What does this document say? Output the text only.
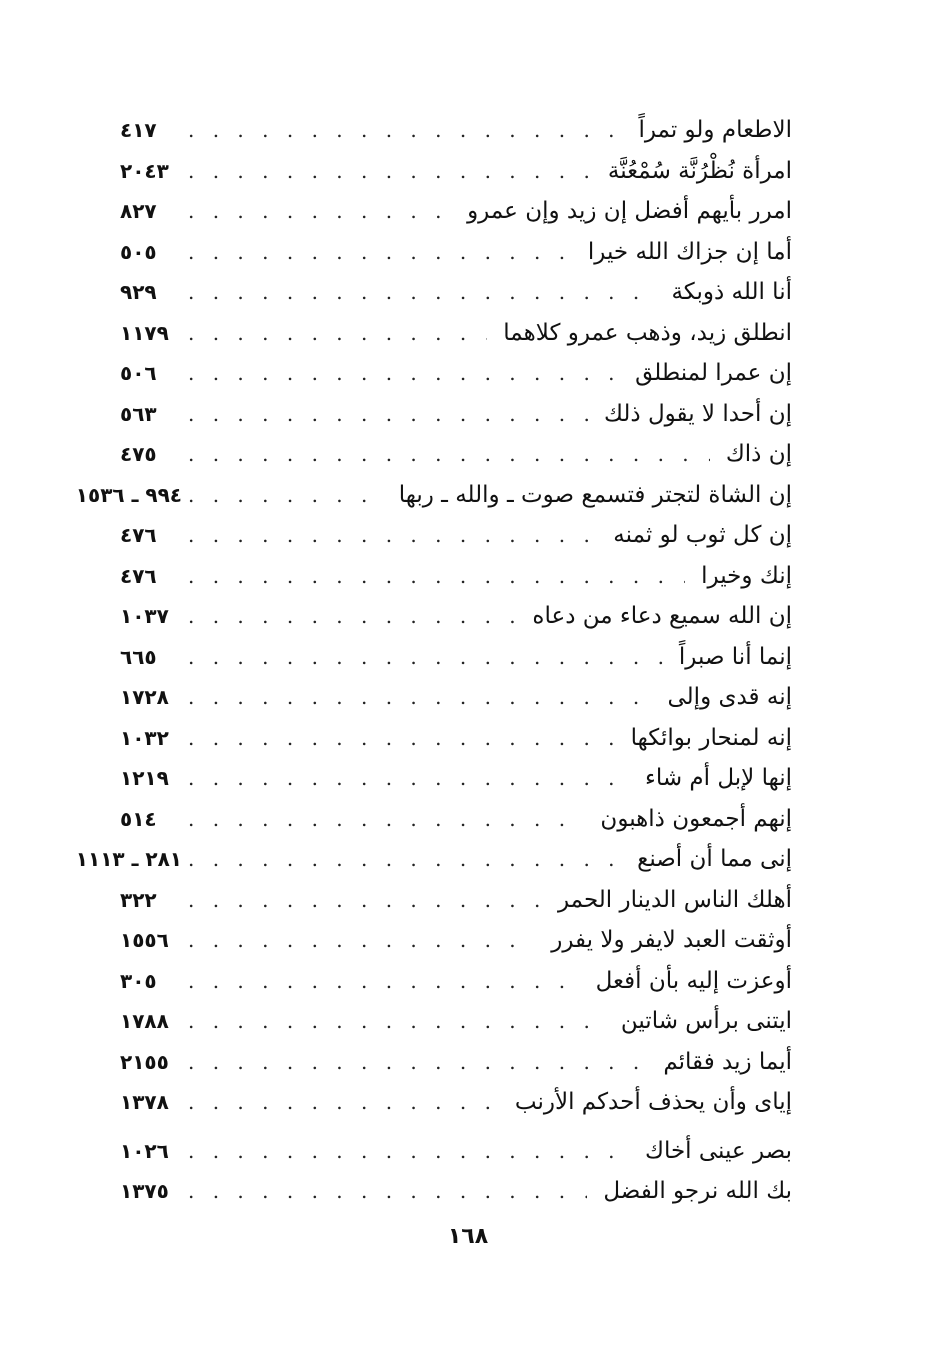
الاطعام ولو تمراً
. . .
٤١٧
امرأة نُظْرُنَّة سُمْعُنَّة
. . .
٢٠٤٣
امرر بأيهم أفضل إن زيد وإن عمرو
. . .
٨٢٧
أما إن جزاك الله خيرا
. . .
٥٠٥
أنا الله ذوبكة
. . .
٩٢٩
انطلق زيد، وذهب عمرو كلاهما
. . .
١١٧٩
إن عمرا لمنطلق
. . .
٥٠٦
إن أحدا لا يقول ذلك
. . .
٥٦٣
إن ذاك
. . .
٤٧٥
إن الشاة لتجتر فتسمع صوت ـ والله ـ ربها
. . .
٩٩٤ ـ ١٥٣٦
إن كل ثوب لو ثمنه
. . .
٤٧٦
إنك وخيرا
. . .
٤٧٦
إن الله سميع دعاء من دعاه
. . .
١٠٣٧
إنما أنا صبراً
. . .
٦٦٥
إنه قدى وإلى
. . .
١٧٢٨
إنه لمنحار بوائكها
. . .
١٠٣٢
إنها لإبل أم شاء
. . .
١٢١٩
إنهم أجمعون ذاهبون
. . .
٥١٤
إنى مما أن أصنع
. . .
٢٨١ ـ ١١١٣
أهلك الناس الدينار الحمر
. . .
٣٢٢
أوثقت العبد لايفر ولا يفرر
. . .
١٥٥٦
أوعزت إليه بأن أفعل
. . .
٣٠٥
ايتنى برأس شاتين
. . .
١٧٨٨
أيما زيد فقائم
. . .
٢١٥٥
إياى وأن يحذف أحدكم الأرنب
. . .
١٣٧٨
بصر عينى أخاك
. . .
١٠٢٦
بك الله نرجو الفضل
. . .
١٣٧٥
١٦٨
